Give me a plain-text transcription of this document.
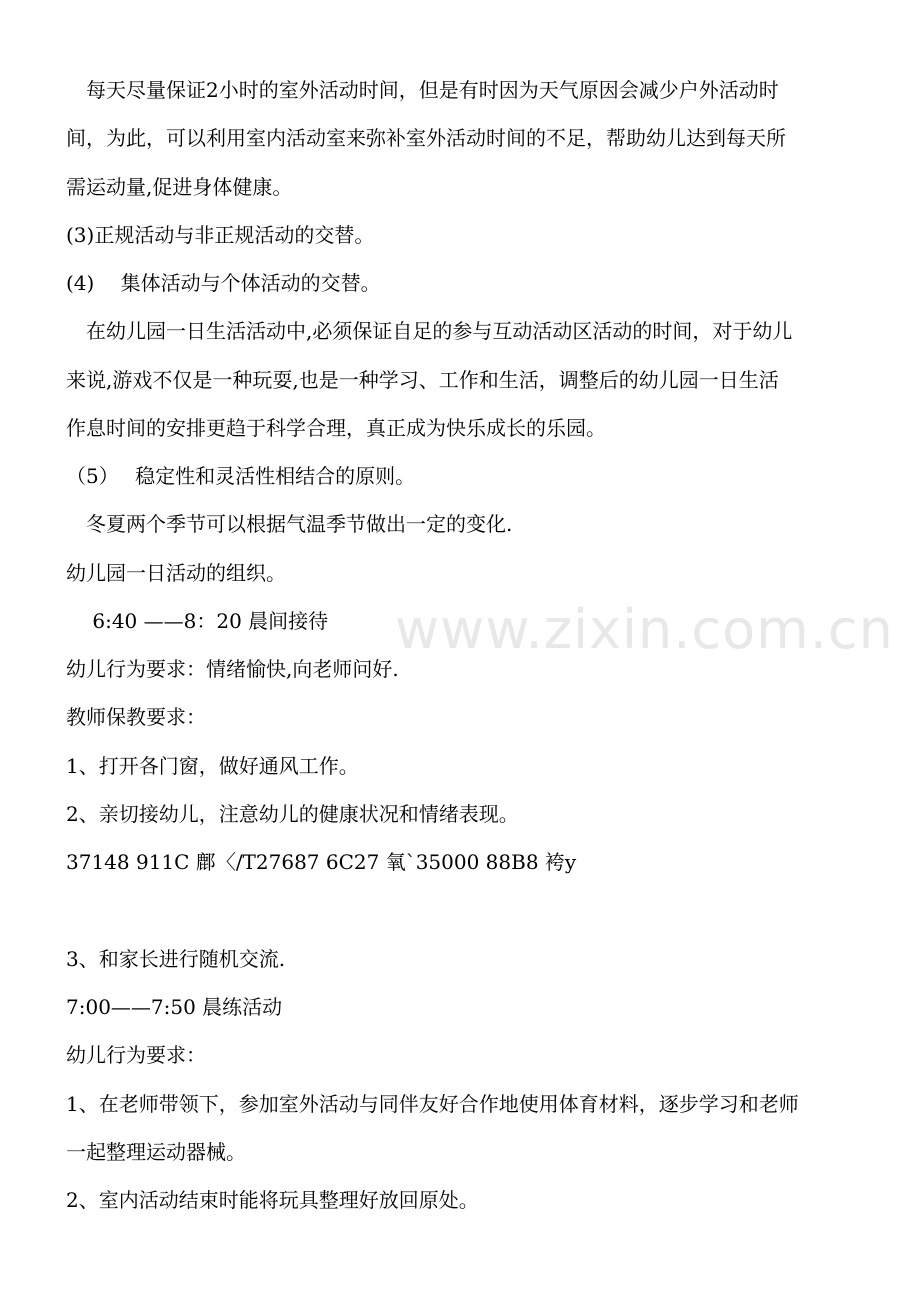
www.zixin.com.cn
　每天尽量保证2小时的室外活动时间，但是有时因为天气原因会减少户外活动时
间，为此，可以利用室内活动室来弥补室外活动时间的不足，帮助幼儿达到每天所
需运动量,促进身体健康。
(3)正规活动与非正规活动的交替。
(4)　 集体活动与个体活动的交替。
　在幼儿园一日生活活动中,必须保证自足的参与互动活动区活动的时间，对于幼儿
来说,游戏不仅是一种玩耍,也是一种学习、工作和生活，调整后的幼儿园一日生活
作息时间的安排更趋于科学合理，真正成为快乐成长的乐园。
（5）　 稳定性和灵活性相结合的原则。
　冬夏两个季节可以根据气温季节做出一定的变化.
幼儿园一日活动的组织。
　 6:40 ——8：20 晨间接待
幼儿行为要求：情绪愉快,向老师问好.
教师保教要求：
1、打开各门窗，做好通风工作。
2、亲切接幼儿，注意幼儿的健康状况和情绪表现。
37148 911C 鄜〈/T27687 6C27 氧`35000 88B8 袴y
3、和家长进行随机交流.
7:00——7:50 晨练活动
幼儿行为要求：
1、在老师带领下，参加室外活动与同伴友好合作地使用体育材料，逐步学习和老师
一起整理运动器械。
2、室内活动结束时能将玩具整理好放回原处。
